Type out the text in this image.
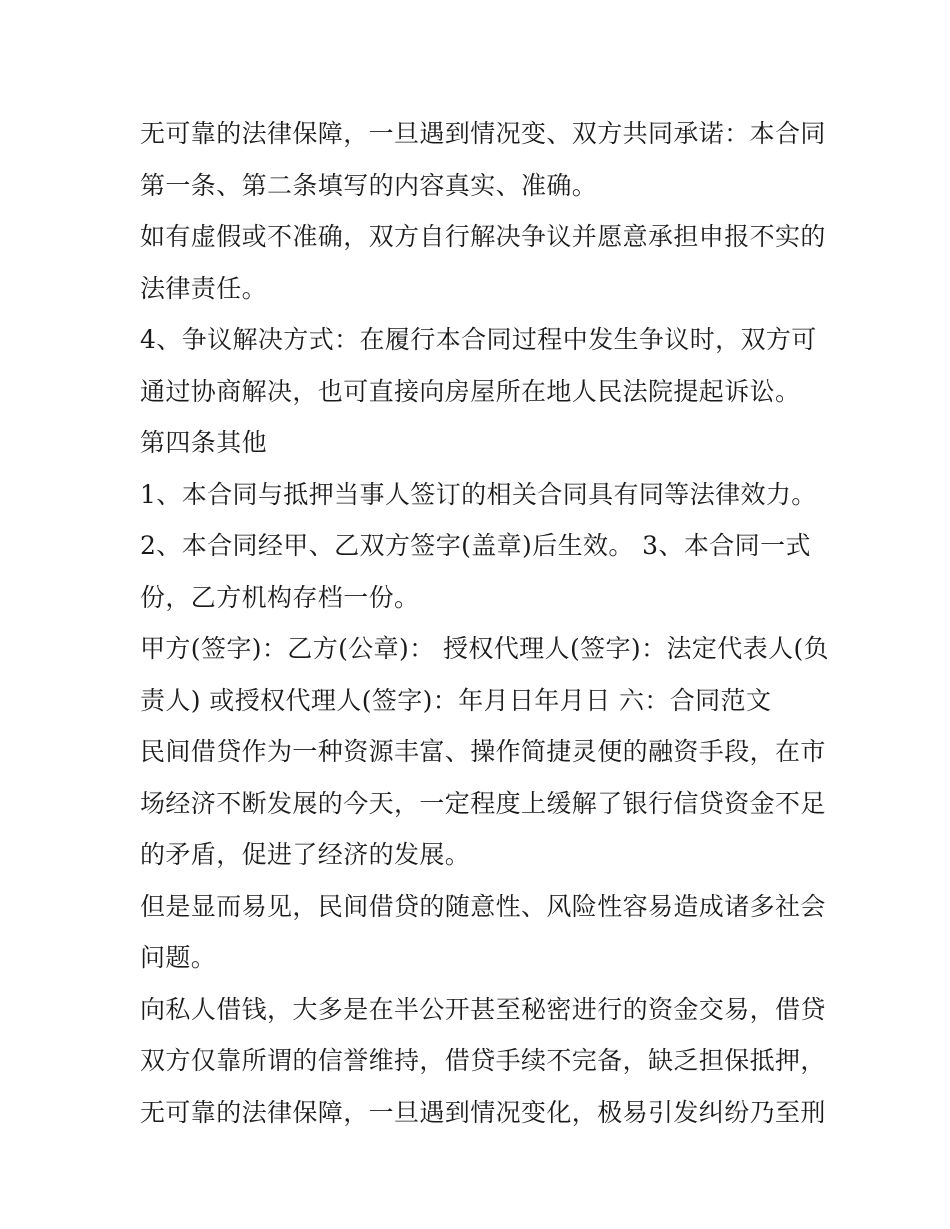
无可靠的法律保障，一旦遇到情况变、双方共同承诺：本合同
第一条、第二条填写的内容真实、准确。
如有虚假或不准确，双方自行解决争议并愿意承担申报不实的
法律责任。
4、争议解决方式：在履行本合同过程中发生争议时，双方可
通过协商解决，也可直接向房屋所在地人民法院提起诉讼。
第四条其他
1、本合同与抵押当事人签订的相关合同具有同等法律效力。
2、本合同经甲、乙双方签字(盖章)后生效。 3、本合同一式
份，乙方机构存档一份。
甲方(签字)：乙方(公章)： 授权代理人(签字)：法定代表人(负
责人) 或授权代理人(签字)：年月日年月日 六：合同范文
民间借贷作为一种资源丰富、操作简捷灵便的融资手段，在市
场经济不断发展的今天，一定程度上缓解了银行信贷资金不足
的矛盾，促进了经济的发展。
但是显而易见，民间借贷的随意性、风险性容易造成诸多社会
问题。
向私人借钱，大多是在半公开甚至秘密进行的资金交易，借贷
双方仅靠所谓的信誉维持，借贷手续不完备，缺乏担保抵押，
无可靠的法律保障，一旦遇到情况变化，极易引发纠纷乃至刑
